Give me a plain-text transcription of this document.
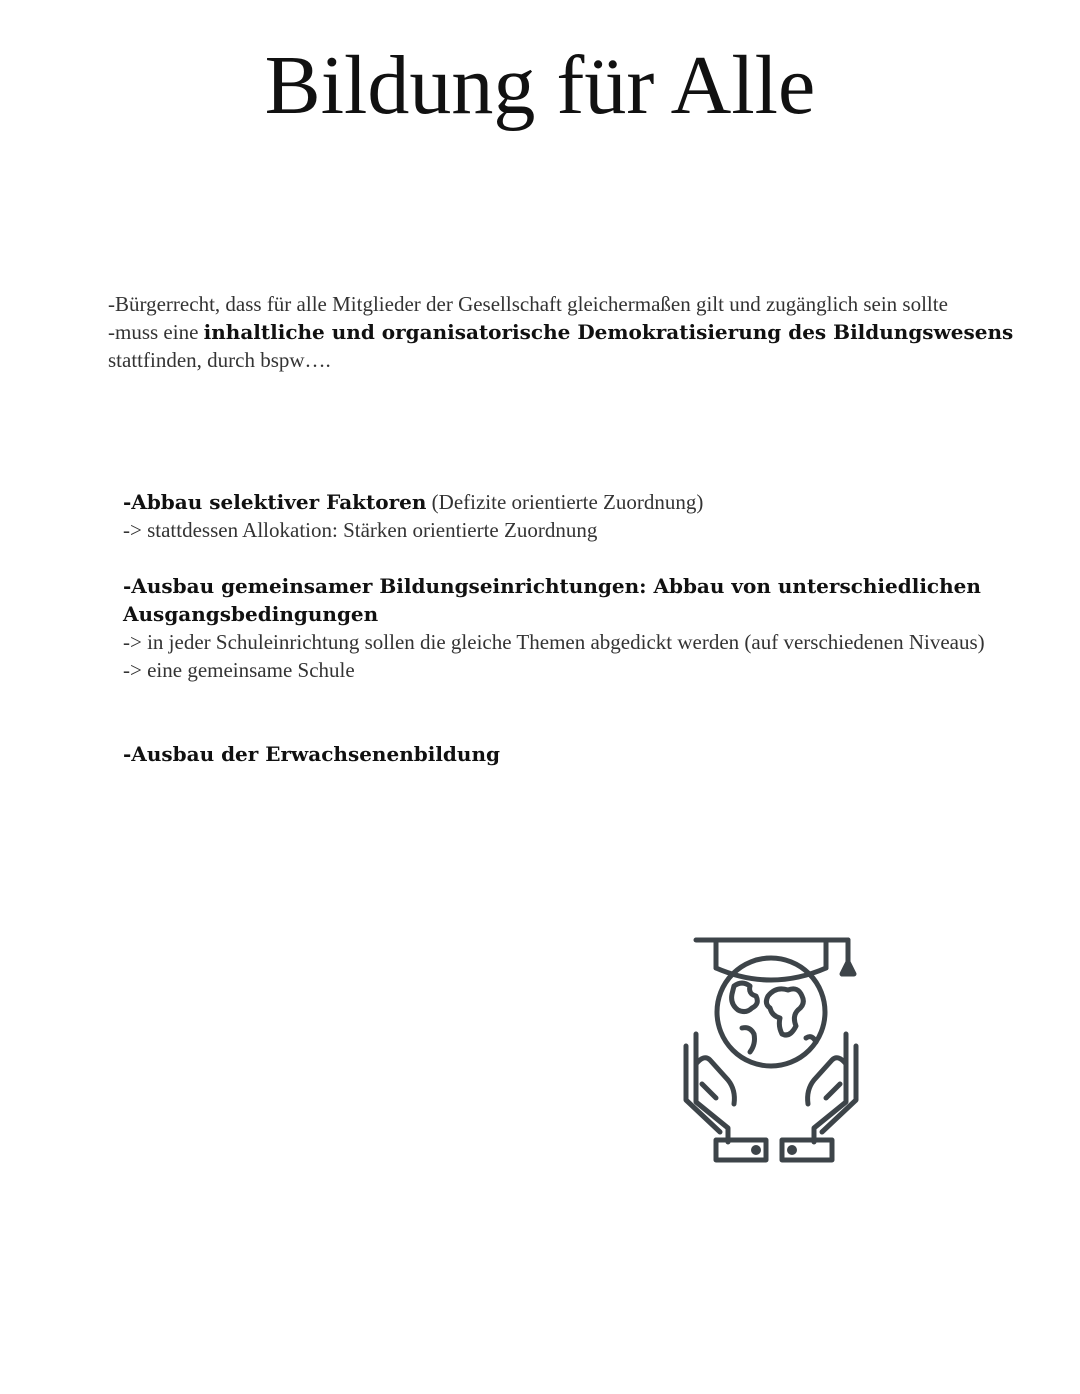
Bildung für Alle
-Bürgerrecht, dass für alle Mitglieder der Gesellschaft gleichermaßen gilt und zugänglich sein sollte
-muss eine inhaltliche und organisatorische Demokratisierung des Bildungswesens stattfinden, durch bspw….
-Abbau selektiver Faktoren (Defizite orientierte Zuordnung)
-> stattdessen Allokation: Stärken orientierte Zuordnung
-Ausbau gemeinsamer Bildungseinrichtungen: Abbau von unterschiedlichen Ausgangsbedingungen
-> in jeder Schuleinrichtung sollen die gleiche Themen abgedickt werden (auf verschiedenen Niveaus)
-> eine gemeinsame Schule
-Ausbau der Erwachsenenbildung
